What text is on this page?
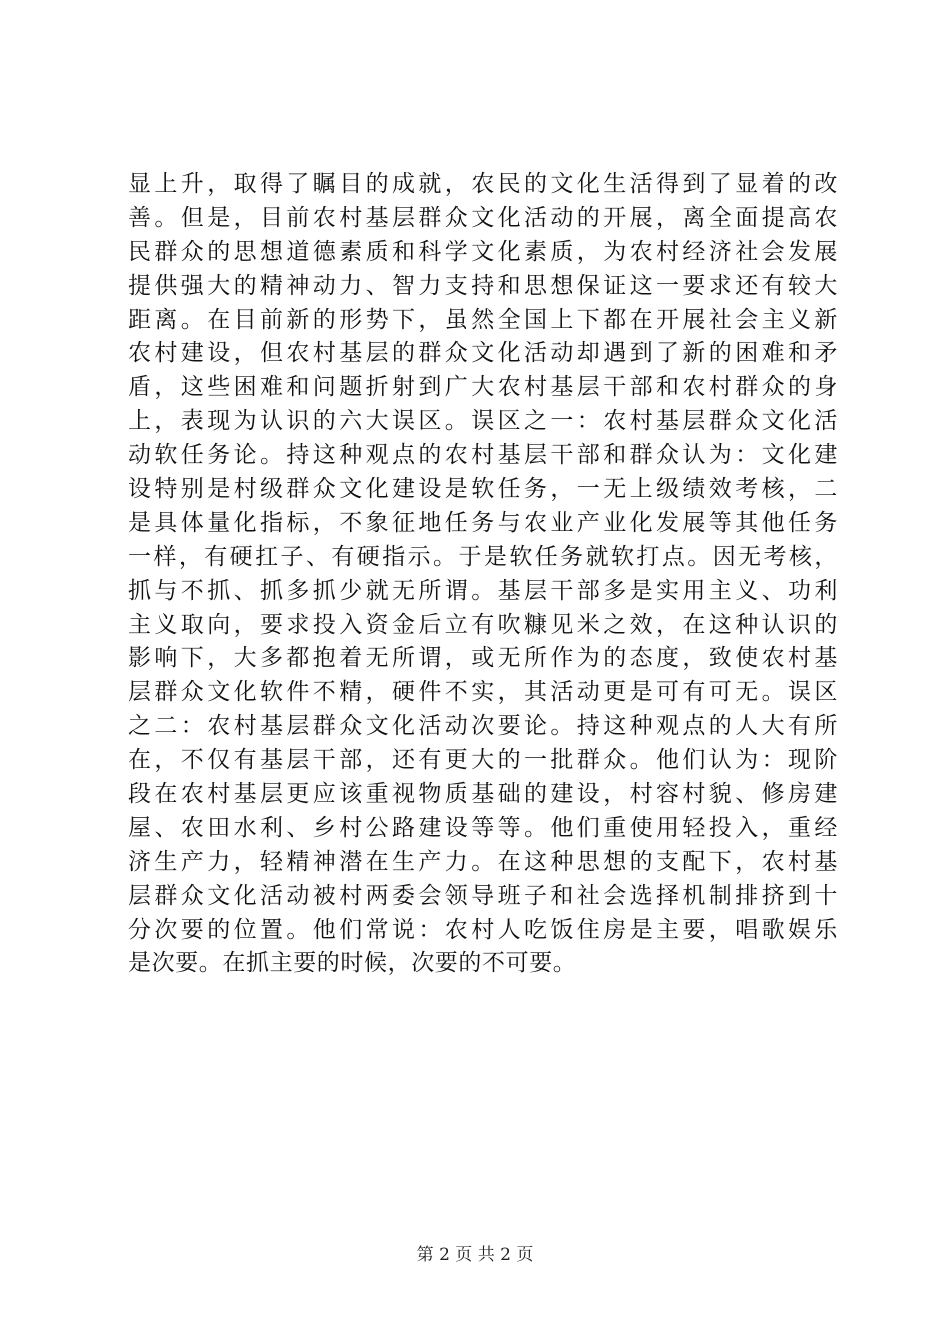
显上升，取得了瞩目的成就，农民的文化生活得到了显着的改
善。但是，目前农村基层群众文化活动的开展，离全面提高农
民群众的思想道德素质和科学文化素质，为农村经济社会发展
提供强大的精神动力、智力支持和思想保证这一要求还有较大
距离。在目前新的形势下，虽然全国上下都在开展社会主义新
农村建设，但农村基层的群众文化活动却遇到了新的困难和矛
盾，这些困难和问题折射到广大农村基层干部和农村群众的身
上，表现为认识的六大误区。误区之一：农村基层群众文化活
动软任务论。持这种观点的农村基层干部和群众认为：文化建
设特别是村级群众文化建设是软任务，一无上级绩效考核，二
是具体量化指标，不象征地任务与农业产业化发展等其他任务
一样，有硬扛子、有硬指示。于是软任务就软打点。因无考核，
抓与不抓、抓多抓少就无所谓。基层干部多是实用主义、功利
主义取向，要求投入资金后立有吹糠见米之效，在这种认识的
影响下，大多都抱着无所谓，或无所作为的态度，致使农村基
层群众文化软件不精，硬件不实，其活动更是可有可无。误区
之二：农村基层群众文化活动次要论。持这种观点的人大有所
在，不仅有基层干部，还有更大的一批群众。他们认为：现阶
段在农村基层更应该重视物质基础的建设，村容村貌、修房建
屋、农田水利、乡村公路建设等等。他们重使用轻投入，重经
济生产力，轻精神潜在生产力。在这种思想的支配下，农村基
层群众文化活动被村两委会领导班子和社会选择机制排挤到十
分次要的位置。他们常说：农村人吃饭住房是主要，唱歌娱乐
是次要。在抓主要的时候，次要的不可要。
第 2 页 共 2 页
